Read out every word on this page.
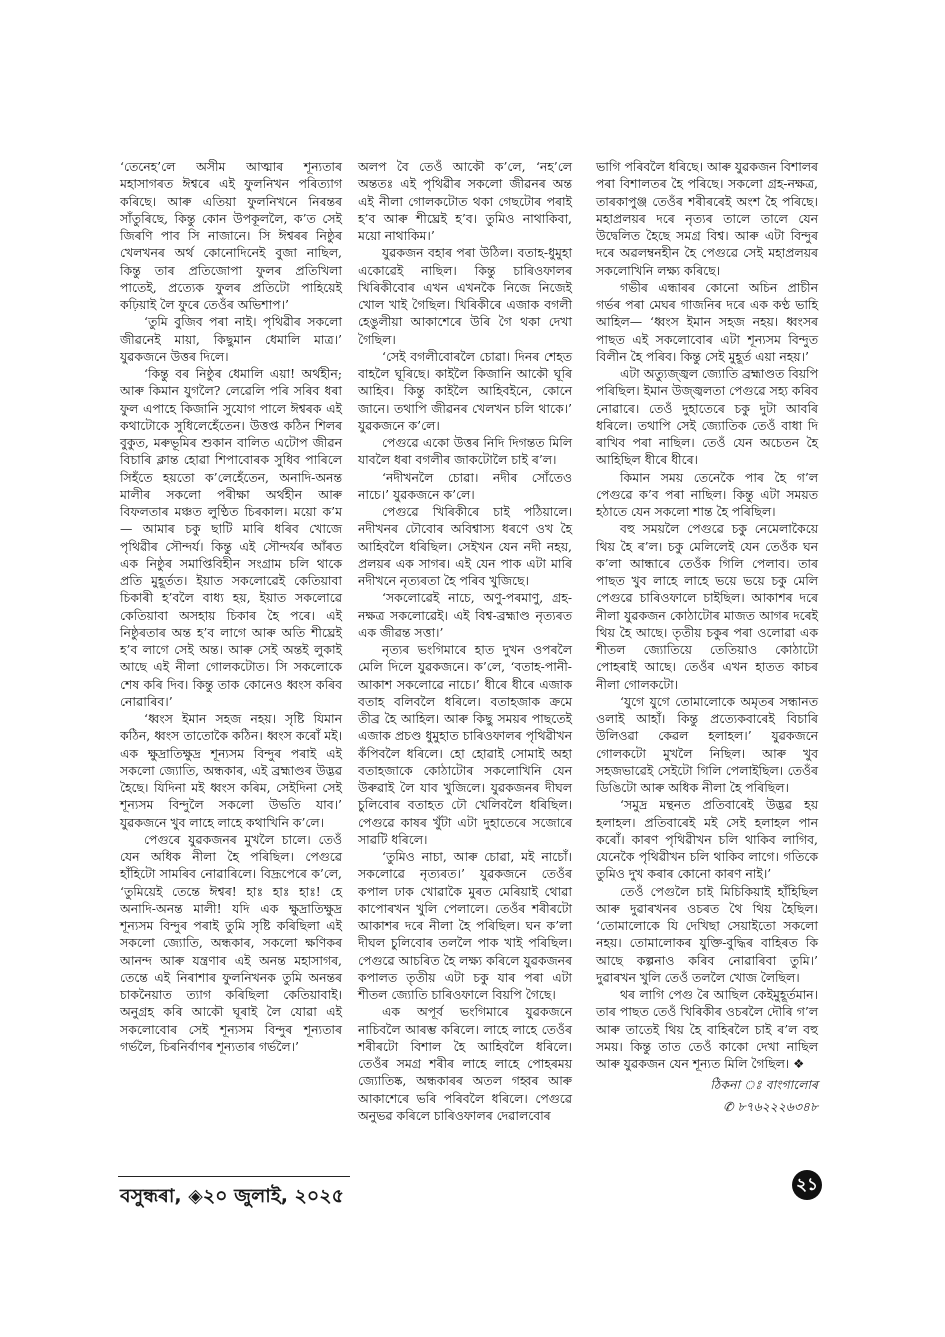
‘তেনেহ’লে অসীম আত্মাৰ শূন্যতাৰ মহাসাগৰত ঈশ্বৰে এই ফুলনিখন পৰিত্যাগ কৰিছে। আৰু এতিয়া ফুলনিখনে নিৰন্তৰ সাঁতুৰিছে, কিন্তু কোন উপকূললৈ, ক’ত সেই জিৰণি পাব সি নাজানে। সি ঈশ্বৰৰ নিষ্ঠুৰ খেলখনৰ অৰ্থ কোনোদিনেই বুজা নাছিল, কিন্তু তাৰ প্ৰতিজোপা ফুলৰ প্ৰতিখিলা পাতেই, প্ৰত্যেক ফুলৰ প্ৰতিটো পাহিয়েই কঢ়িয়াই লৈ ফুৰে তেওঁৰ অভিশাপ।’

‘তুমি বুজিব পৰা নাই। পৃথিৱীৰ সকলো জীৱনেই মায়া, কিছুমান ধেমালি মাত্ৰ।’ যুৱকজনে উত্তৰ দিলে।

‘কিন্তু বৰ নিষ্ঠুৰ ধেমালি এয়া! অৰ্থহীন; আৰু কিমান যুগলৈ? লেৱেলি পৰি সৰিব ধৰা ফুল এপাহে কিজানি সুযোগ পালে ঈশ্বৰক এই কথাটোকে সুধিলেহেঁতেন। উত্তপ্ত কঠিন শিলৰ বুকুত, মৰুভূমিৰ শুকান বালিত এটোপ জীৱন বিচাৰি ক্লান্ত হোৱা শিপাবোৰক সুধিব পাৰিলে সিহঁতে হয়তো ক’লেহেঁতেন, অনাদি-অনন্ত মালীৰ সকলো পৰীক্ষা অৰ্থহীন আৰু বিফলতাৰ মঞ্চত লুণ্ঠিত চিৰকাল। ময়ো ক’ম— আমাৰ চকু ছাটি মাৰি ধৰিব খোজে পৃথিৱীৰ সৌন্দৰ্য। কিন্তু এই সৌন্দৰ্যৰ আঁৰত এক নিষ্ঠুৰ সমাপ্তিবিহীন সংগ্ৰাম চলি থাকে প্ৰতি মুহূৰ্তত। ইয়াত সকলোৱেই কেতিয়াবা চিকাৰী হ’বলৈ বাধ্য হয়, ইয়াত সকলোৱে কেতিয়াবা অসহায় চিকাৰ হৈ পৰে। এই নিষ্ঠুৰতাৰ অন্ত হ’ব লাগে আৰু অতি শীঘ্ৰেই হ’ব লাগে সেই অন্ত। আৰু সেই অন্তই লুকাই আছে এই নীলা গোলকটোত। সি সকলোকে শেষ কৰি দিব। কিন্তু তাক কোনেও ধ্বংস কৰিব নোৱাৰিব।’

‘ধ্বংস ইমান সহজ নহয়। সৃষ্টি যিমান কঠিন, ধ্বংস তাতোকৈ কঠিন। ধ্বংস কৰোঁ মই। এক ক্ষুদ্ৰাতিক্ষুদ্ৰ শূন্যসম বিন্দুৰ পৰাই এই সকলো জ্যোতি, অন্ধকাৰ, এই ব্ৰহ্মাণ্ডৰ উদ্ভৱ হৈছে। যিদিনা মই ধ্বংস কৰিম, সেইদিনা সেই শূন্যসম বিন্দুলৈ সকলো উভতি যাব।’ যুৱকজনে খুব লাহে লাহে কথাখিনি ক’লে।

পেগুৰে যুৱকজনৰ মুখলৈ চালে। তেওঁ যেন অধিক নীলা হৈ পৰিছিল। পেগুৱে হাঁহিটো সামৰিব নোৱাৰিলে। বিদ্ৰূপেৰে ক’লে, ‘তুমিয়েই তেন্তে ঈশ্বৰ! হাঃ হাঃ হাঃ! হে অনাদি-অনন্ত মালী! যদি এক ক্ষুদ্ৰাতিক্ষুদ্ৰ শূন্যসম বিন্দুৰ পৰাই তুমি সৃষ্টি কৰিছিলা এই সকলো জ্যোতি, অন্ধকাৰ, সকলো ক্ষণিকৰ আনন্দ আৰু যন্ত্ৰণাৰ এই অনন্ত মহাসাগৰ, তেন্তে এই নিৰাশাৰ ফুলনিখনক তুমি অনন্তৰ চাকনৈয়াত ত্যাগ কৰিছিলা কেতিয়াবাই। অনুগ্ৰহ কৰি আকৌ ঘূৰাই লৈ যোৱা এই সকলোবোৰ সেই শূন্যসম বিন্দুৰ শূন্যতাৰ গৰ্ভলৈ, চিৰনিৰ্বাণৰ শূন্যতাৰ গৰ্ভলৈ।’

অলপ বৈ তেওঁ আকৌ ক’লে, ‘নহ’লে অন্ততঃ এই পৃথিৱীৰ সকলো জীৱনৰ অন্ত এই নীলা গোলকটোত থকা গেছটোৰ পৰাই হ’ব আৰু শীঘ্ৰেই হ’ব। তুমিও নাথাকিবা, ময়ো নাথাকিম।’

যুৱকজন বহাৰ পৰা উঠিল। বতাহ-ধুমুহা একোৱেই নাছিল। কিন্তু চাৰিওফালৰ খিৰিকীবোৰ এখন এখনকৈ নিজে নিজেই খোল খাই গৈছিল। খিৰিকীৰে এজাক বগলী হেঙুলীয়া আকাশেৰে উৰি গৈ থকা দেখা গৈছিল।

‘সেই বগলীবোৰলৈ চোৱা। দিনৰ শেহত বাহলৈ ঘূৰিছে। কাইলৈ কিজানি আকৌ ঘূৰি আহিব। কিন্তু কাইলৈ আহিবইনে, কোনে জানে। তথাপি জীৱনৰ খেলখন চলি থাকে।’ যুৱকজনে ক’লে।

পেগুৱে একো উত্তৰ নিদি দিগন্তত মিলি যাবলৈ ধৰা বগলীৰ জাকটোলৈ চাই ৰ’ল।

‘নদীখনলৈ চোৱা। নদীৰ সোঁতেও নাচে।’ যুৱকজনে ক’লে।

পেগুৱে খিৰিকীৰে চাই পঠিয়ালে। নদীখনৰ ঢৌবোৰ অবিশ্বাস্য ধৰণে ওখ হৈ আহিবলৈ ধৰিছিল। সেইখন যেন নদী নহয়, প্ৰলয়ৰ এক সাগৰ। এই যেন পাক এটা মাৰি নদীখনে নৃত্যৰতা হৈ পৰিব খুজিছে।

‘সকলোৱেই নাচে, অণু-পৰমাণু, গ্ৰহ-নক্ষত্ৰ সকলোৱেই। এই বিশ্ব-ব্ৰহ্মাণ্ড নৃত্যৰত এক জীৱন্ত সত্তা।’

নৃত্যৰ ভংগিমাৰে হাত দুখন ওপৰলৈ মেলি দিলে যুৱকজনে। ক’লে, ‘বতাহ-পানী-আকাশ সকলোৱে নাচে।’ ধীৰে ধীৰে এজাক বতাহ বলিবলৈ ধৰিলে। বতাহজাক ক্ৰমে তীব্ৰ হৈ আহিল। আৰু কিছু সময়ৰ পাছতেই এজাক প্ৰচণ্ড ধুমুহাত চাৰিওফালৰ পৃথিৱীখন কঁপিবলৈ ধৰিলে। হো হোৱাই সোমাই অহা বতাহজাকে কোঠাটোৰ সকলোখিনি যেন উৰুৱাই লৈ যাব খুজিলে। যুৱকজনৰ দীঘল চুলিবোৰ বতাহত ঢৌ খেলিবলৈ ধৰিছিল। পেগুৱে কাষৰ খুঁটা এটা দুহাতেৰে সজোৰে সাৱটি ধৰিলে।

‘তুমিও নাচা, আৰু চোৱা, মই নাচোঁ। সকলোৱে নৃত্যৰত।’ যুৱকজনে তেওঁৰ কপাল ঢাক খোৱাকৈ মুৰত মেৰিয়াই থোৱা কাপোৰখন খুলি পেলালে। তেওঁৰ শৰীৰটো আকাশৰ দৰে নীলা হৈ পৰিছিল। ঘন ক’লা দীঘল চুলিবোৰ তললৈ পাক খাই পৰিছিল। পেগুৱে আচৰিত হৈ লক্ষ্য কৰিলে যুৱকজনৰ কপালত তৃতীয় এটা চকু যাৰ পৰা এটা শীতল জ্যোতি চাৰিওফালে বিয়পি গৈছে।

এক অপূৰ্ব ভংগিমাৰে যুৱকজনে নাচিবলৈ আৰম্ভ কৰিলে। লাহে লাহে তেওঁৰ শৰীৰটো বিশাল হৈ আহিবলৈ ধৰিলে। তেওঁৰ সমগ্ৰ শৰীৰ লাহে লাহে পোহৰময় জ্যোতিষ্ক, অন্ধকাৰৰ অতল গহ্বৰ আৰু আকাশেৰে ভৰি পৰিবলৈ ধৰিলে। পেগুৱে অনুভৱ কৰিলে চাৰিওফালৰ দেৱালবোৰ

ভাগি পৰিবলৈ ধৰিছে। আৰু যুৱকজন বিশালৰ পৰা বিশালতৰ হৈ পৰিছে। সকলো গ্ৰহ-নক্ষত্ৰ, তাৰকাপুঞ্জ তেওঁৰ শৰীৰৰেই অংশ হৈ পৰিছে। মহাপ্ৰলয়ৰ দৰে নৃত্যৰ তালে তালে যেন উদ্বেলিত হৈছে সমগ্ৰ বিশ্ব। আৰু এটা বিন্দুৰ দৰে অৱলম্বনহীন হৈ পেগুৱে সেই মহাপ্ৰলয়ৰ সকলোখিনি লক্ষ্য কৰিছে।

গভীৰ এন্ধাৰৰ কোনো অচিন প্ৰাচীন গৰ্ভৰ পৰা মেঘৰ গাজনিৰ দৰে এক কণ্ঠ ভাহি আহিল— ‘ধ্বংস ইমান সহজ নহয়। ধ্বংসৰ পাছত এই সকলোবোৰ এটা শূন্যসম বিন্দুত বিলীন হৈ পৰিব। কিন্তু সেই মুহূৰ্ত এয়া নহয়।’

এটা অত্যুজ্জ্বল জ্যোতি ব্ৰহ্মাণ্ডত বিয়পি পৰিছিল। ইমান উজ্জ্বলতা পেগুৱে সহ্য কৰিব নোৱাৰে। তেওঁ দুহাতেৰে চকু দুটা আবৰি ধৰিলে। তথাপি সেই জ্যোতিক তেওঁ বাধা দি ৰাখিব পৰা নাছিল। তেওঁ যেন অচেতন হৈ আহিছিল ধীৰে ধীৰে।

কিমান সময় তেনেকৈ পাৰ হৈ গ’ল পেগুৱে ক’ব পৰা নাছিল। কিন্তু এটা সময়ত হঠাতে যেন সকলো শান্ত হৈ পৰিছিল।

বহু সময়লৈ পেগুৱে চকু নেমেলাকৈয়ে থিয় হৈ ৰ’ল। চকু মেলিলেই যেন তেওঁক ঘন ক’লা আন্ধাৰে তেওঁক গিলি পেলাব। তাৰ পাছত খুব লাহে লাহে ভয়ে ভয়ে চকু মেলি পেগুৱে চাৰিওফালে চাইছিল। আকাশৰ দৰে নীলা যুৱকজন কোঠাটোৰ মাজত আগৰ দৰেই থিয় হৈ আছে। তৃতীয় চকুৰ পৰা ওলোৱা এক শীতল জ্যোতিয়ে তেতিয়াও কোঠাটো পোহৰাই আছে। তেওঁৰ এখন হাতত কাচৰ নীলা গোলকটো।

‘যুগে যুগে তোমালোকে অমৃতৰ সন্ধানত ওলাই আহাঁ। কিন্তু প্ৰত্যেকবাৰেই বিচাৰি উলিওৱা কেৱল হলাহল।’ যুৱকজনে গোলকটো মুখলৈ নিছিল। আৰু খুব সহজভাৱেই সেইটো গিলি পেলাইছিল। তেওঁৰ ডিঙিটো আৰু অধিক নীলা হৈ পৰিছিল।

‘সমুদ্ৰ মন্থনত প্ৰতিবাৰেই উদ্ভৱ হয় হলাহল। প্ৰতিবাৰেই মই সেই হলাহল পান কৰোঁ। কাৰণ পৃথিৱীখন চলি থাকিব লাগিব, যেনেকৈ পৃথিৱীখন চলি থাকিব লাগে। গতিকে তুমিও দুখ কৰাৰ কোনো কাৰণ নাই।’

তেওঁ পেগুলৈ চাই মিচিকিয়াই হাঁহিছিল আৰু দুৱাৰখনৰ ওচৰত থৈ থিয় হৈছিল। ‘তোমালোকে যি দেখিছা সেয়াইতো সকলো নহয়। তোমালোকৰ যুক্তি-বুদ্ধিৰ বাহিৰত কি আছে কল্পনাও কৰিব নোৱাৰিবা তুমি।’ দুৱাৰখন খুলি তেওঁ তললৈ খোজ লৈছিল।

থৰ লাগি পেগু ৰৈ আছিল কেইমুহূৰ্তমান। তাৰ পাছত তেওঁ খিৰিকীৰ ওচৰলৈ দৌৰি গ’ল আৰু তাতেই থিয় হৈ বাহিৰলৈ চাই ৰ’ল বহু সময়। কিন্তু তাত তেওঁ কাকো দেখা নাছিল আৰু যুৱকজন যেন শূন্যত মিলি গৈছিল। ❖

ঠিকনা ঃ বাংগালোৰ
✆ ৮৭৬২২২৬৩৪৮
বসুন্ধৰা, ◈২০ জুলাই, ২০২৫	২১
